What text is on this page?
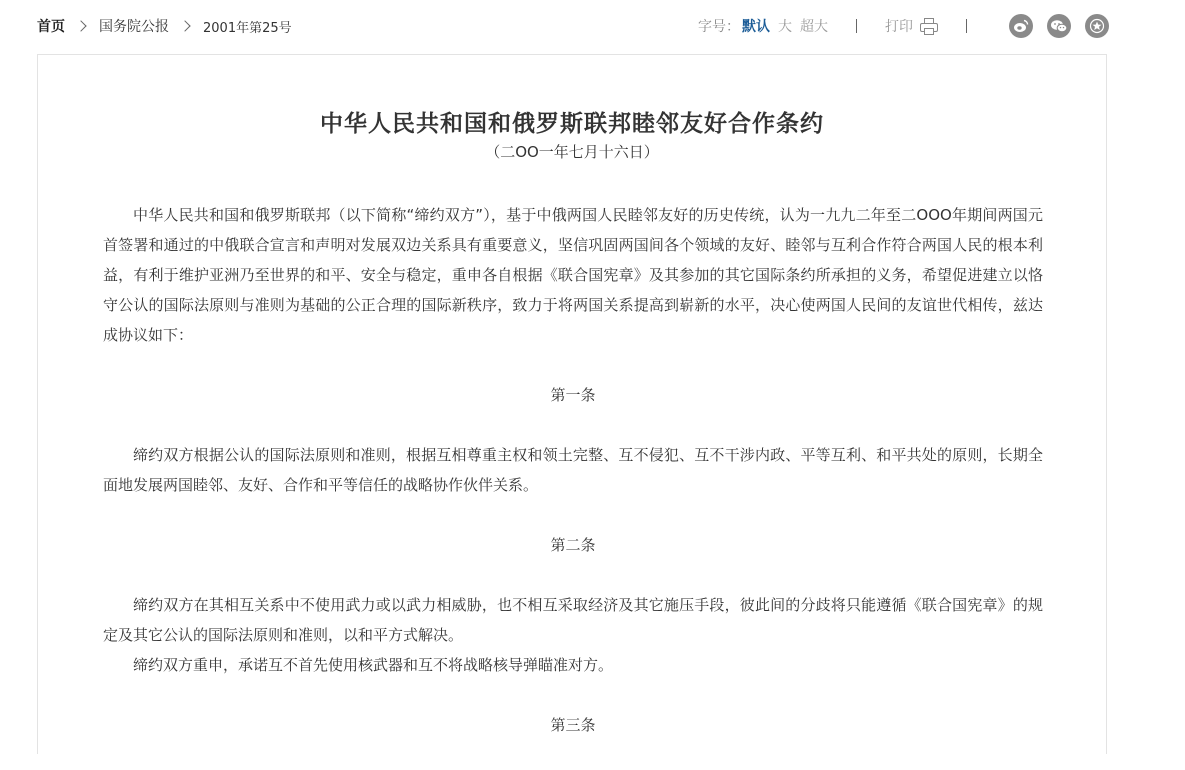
首页 国务院公报	2001年第25号	字号： 默认 大 超大	打印
中华人民共和国和俄罗斯联邦睦邻友好合作条约
（二OO一年七月十六日）

中华人民共和国和俄罗斯联邦（以下简称“缔约双方”），基于中俄两国人民睦邻友好的历史传统，认为一九九二年至二OOO年期间两国元首签署和通过的中俄联合宣言和声明对发展双边关系具有重要意义，坚信巩固两国间各个领域的友好、睦邻与互利合作符合两国人民的根本利益，有利于维护亚洲乃至世界的和平、安全与稳定，重申各自根据《联合国宪章》及其参加的其它国际条约所承担的义务，希望促进建立以恪守公认的国际法原则与准则为基础的公正合理的国际新秩序，致力于将两国关系提高到崭新的水平，决心使两国人民间的友谊世代相传，兹达成协议如下：

第一条

缔约双方根据公认的国际法原则和准则，根据互相尊重主权和领土完整、互不侵犯、互不干涉内政、平等互利、和平共处的原则，长期全面地发展两国睦邻、友好、合作和平等信任的战略协作伙伴关系。

第二条

缔约双方在其相互关系中不使用武力或以武力相威胁，也不相互采取经济及其它施压手段，彼此间的分歧将只能遵循《联合国宪章》的规定及其它公认的国际法原则和准则，以和平方式解决。

缔约双方重申，承诺互不首先使用核武器和互不将战略核导弹瞄准对方。

第三条
